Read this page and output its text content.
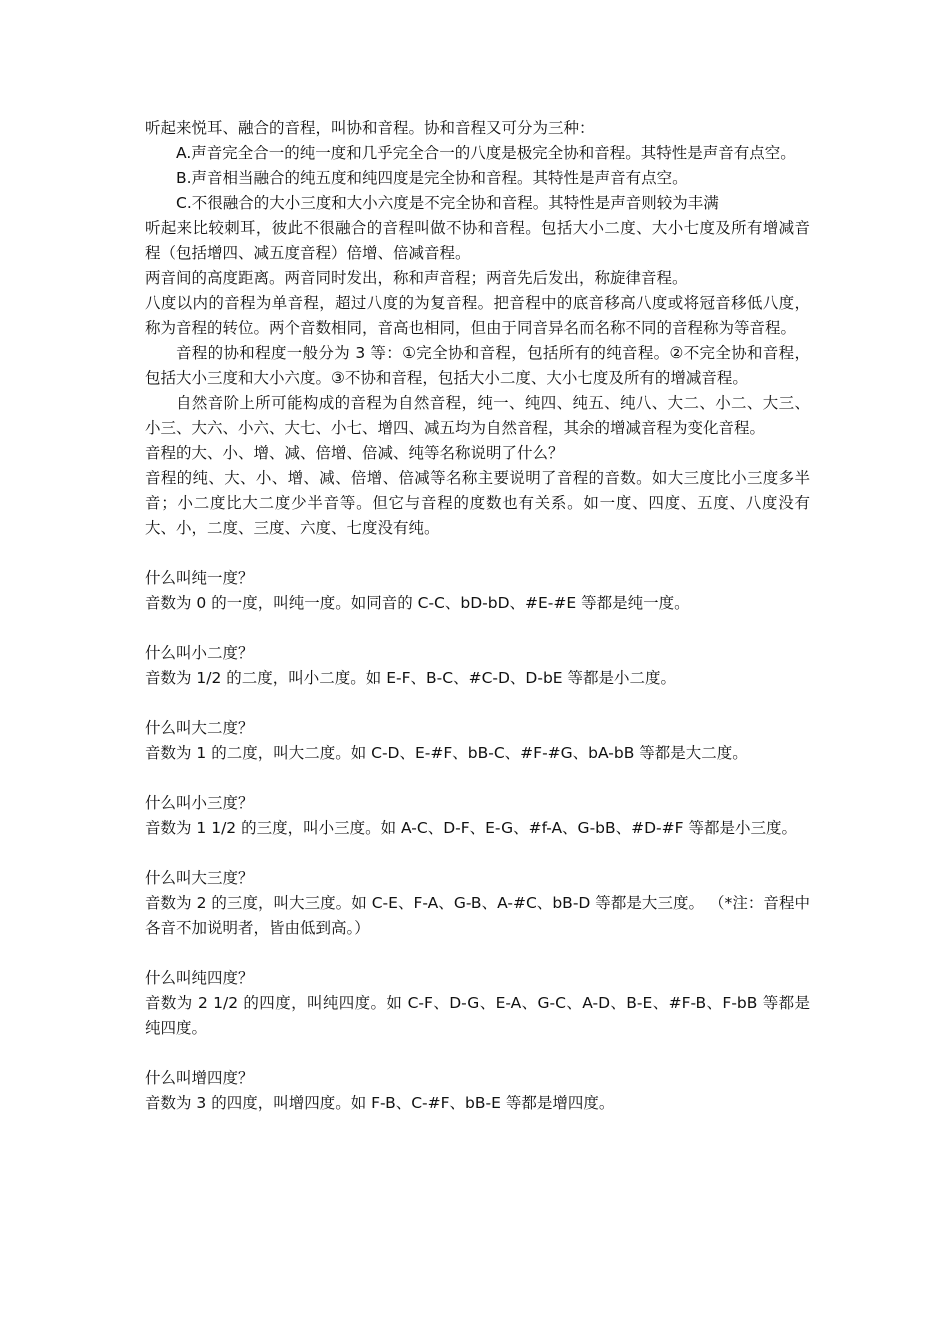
听起来悦耳、融合的音程，叫协和音程。协和音程又可分为三种：

A.声音完全合一的纯一度和几乎完全合一的八度是极完全协和音程。其特性是声音有点空。

B.声音相当融合的纯五度和纯四度是完全协和音程。其特性是声音有点空。

C.不很融合的大小三度和大小六度是不完全协和音程。其特性是声音则较为丰满

听起来比较刺耳，彼此不很融合的音程叫做不协和音程。包括大小二度、大小七度及所有增减音程（包括增四、减五度音程）倍增、倍减音程。

两音间的高度距离。两音同时发出，称和声音程；两音先后发出，称旋律音程。

八度以内的音程为单音程，超过八度的为复音程。把音程中的底音移高八度或将冠音移低八度，称为音程的转位。两个音数相同，音高也相同，但由于同音异名而名称不同的音程称为等音程。

音程的协和程度一般分为 3 等：①完全协和音程，包括所有的纯音程。②不完全协和音程，包括大小三度和大小六度。③不协和音程，包括大小二度、大小七度及所有的增减音程。

自然音阶上所可能构成的音程为自然音程，纯一、纯四、纯五、纯八、大二、小二、大三、小三、大六、小六、大七、小七、增四、减五均为自然音程，其余的增减音程为变化音程。

音程的大、小、增、减、倍增、倍减、纯等名称说明了什么？

音程的纯、大、小、增、减、倍增、倍减等名称主要说明了音程的音数。如大三度比小三度多半音；小二度比大二度少半音等。但它与音程的度数也有关系。如一度、四度、五度、八度没有大、小，二度、三度、六度、七度没有纯。

什么叫纯一度？

音数为 0 的一度，叫纯一度。如同音的 C-C、bD-bD、#E-#E 等都是纯一度。

什么叫小二度？

音数为 1/2 的二度，叫小二度。如 E-F、B-C、#C-D、D-bE 等都是小二度。

什么叫大二度？

音数为 1 的二度，叫大二度。如 C-D、E-#F、bB-C、#F-#G、bA-bB 等都是大二度。

什么叫小三度？

音数为 1 1/2 的三度，叫小三度。如 A-C、D-F、E-G、#f-A、G-bB、#D-#F 等都是小三度。

什么叫大三度？

音数为 2 的三度，叫大三度。如 C-E、F-A、G-B、A-#C、bB-D 等都是大三度。 （*注：音程中各音不加说明者，皆由低到高。）

什么叫纯四度？

音数为 2 1/2 的四度，叫纯四度。如 C-F、D-G、E-A、G-C、A-D、B-E、#F-B、F-bB 等都是纯四度。

什么叫增四度？

音数为 3 的四度，叫增四度。如 F-B、C-#F、bB-E 等都是增四度。
